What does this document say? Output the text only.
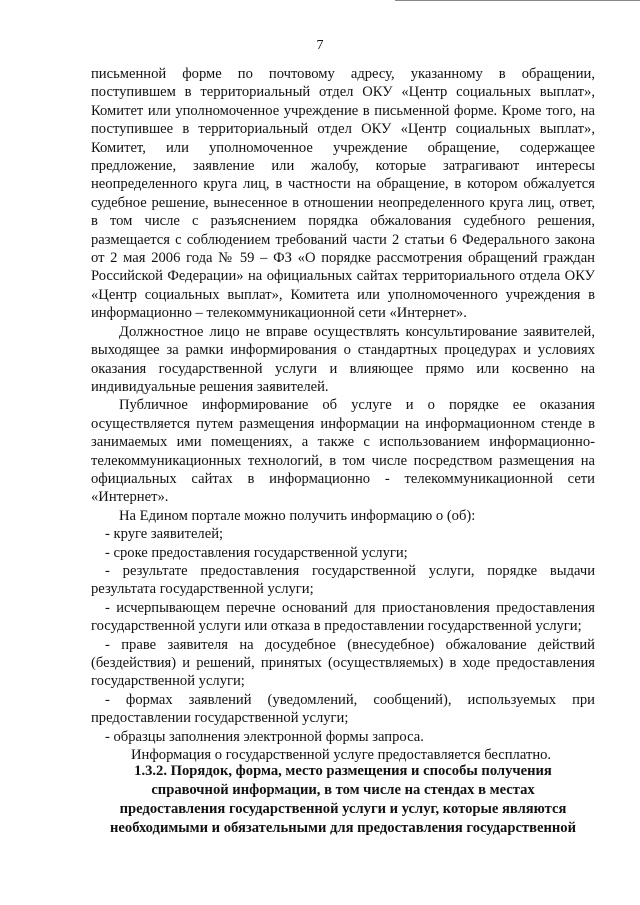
7

письменной форме по почтовому адресу, указанному в обращении, поступившем в территориальный отдел ОКУ «Центр социальных выплат», Комитет или уполномоченное учреждение в письменной форме. Кроме того, на поступившее в территориальный отдел ОКУ «Центр социальных выплат», Комитет, или уполномоченное учреждение обращение, содержащее предложение, заявление или жалобу, которые затрагивают интересы неопределенного круга лиц, в частности на обращение, в котором обжалуется судебное решение, вынесенное в отношении неопределенного круга лиц, ответ, в том числе с разъяснением порядка обжалования судебного решения, размещается с соблюдением требований части 2 статьи 6 Федерального закона от 2 мая 2006 года № 59 – ФЗ «О порядке рассмотрения обращений граждан Российской Федерации» на официальных сайтах территориального отдела ОКУ «Центр социальных выплат», Комитета или уполномоченного учреждения в информационно – телекоммуникационной сети «Интернет».

Должностное лицо не вправе осуществлять консультирование заявителей, выходящее за рамки информирования о стандартных процедурах и условиях оказания государственной услуги и влияющее прямо или косвенно на индивидуальные решения заявителей.

Публичное информирование об услуге и о порядке ее оказания осуществляется путем размещения информации на информационном стенде в занимаемых ими помещениях, а также с использованием информационно-телекоммуникационных технологий, в том числе посредством размещения на официальных сайтах в информационно - телекоммуникационной сети «Интернет».

На Едином портале можно получить информацию о (об):

- круге заявителей;

- сроке предоставления государственной услуги;

- результате предоставления государственной услуги, порядке выдачи результата государственной услуги;

- исчерпывающем перечне оснований для приостановления предоставления государственной услуги или отказа в предоставлении государственной услуги;

- праве заявителя на досудебное (внесудебное) обжалование действий (бездействия) и решений, принятых (осуществляемых) в ходе предоставления государственной услуги;

- формах заявлений (уведомлений, сообщений), используемых при предоставлении государственной услуги;

- образцы заполнения электронной формы запроса.

Информация о государственной услуге предоставляется бесплатно.

1.3.2. Порядок, форма, место размещения и способы получения

справочной информации, в том числе на стендах в местах

предоставления государственной услуги и услуг, которые являются

необходимыми и обязательными для предоставления государственной
